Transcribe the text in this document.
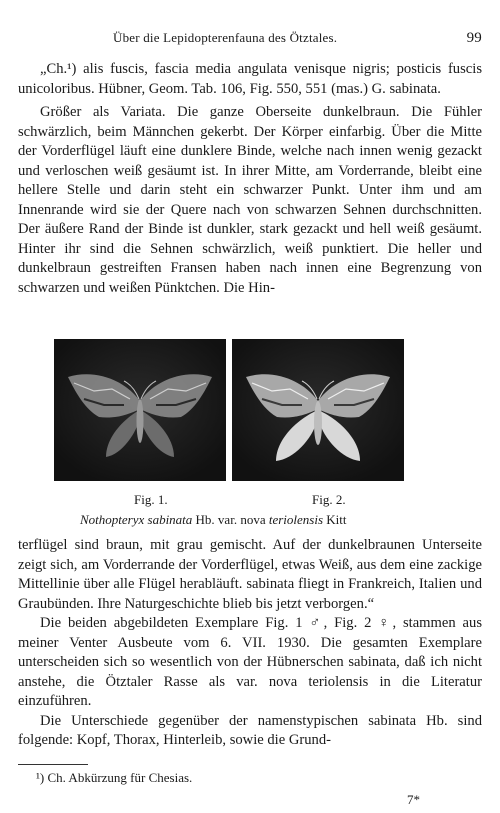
Über die Lepidopterenfauna des Ötztales.	99

„Ch.¹) alis fuscis, fascia media angulata venisque nigris; posticis fuscis unicoloribus. Hübner, Geom. Tab. 106, Fig. 550, 551 (mas.) G. sabinata.

Größer als Variata. Die ganze Oberseite dunkelbraun. Die Fühler schwärzlich, beim Männchen gekerbt. Der Körper einfarbig. Über die Mitte der Vorderflügel läuft eine dunklere Binde, welche nach innen wenig gezackt und verloschen weiß gesäumt ist. In ihrer Mitte, am Vorderrande, bleibt eine hellere Stelle und darin steht ein schwarzer Punkt. Unter ihm und am Innenrande wird sie der Quere nach von schwarzen Sehnen durchschnitten. Der äußere Rand der Binde ist dunkler, stark gezackt und hell weiß gesäumt. Hinter ihr sind die Sehnen schwärzlich, weiß punktiert. Die heller und dunkelbraun gestreiften Fransen haben nach innen eine Begrenzung von schwarzen und weißen Pünktchen. Die Hin-

Fig. 1.	Fig. 2.
Nothopteryx sabinata Hb. var. nova teriolensis Kitt

terflügel sind braun, mit grau gemischt. Auf der dunkelbraunen Unterseite zeigt sich, am Vorderrande der Vorderflügel, etwas Weiß, aus dem eine zackige Mittellinie über alle Flügel herabläuft. sabinata fliegt in Frankreich, Italien und Graubünden. Ihre Naturgeschichte blieb bis jetzt verborgen.“

Die beiden abgebildeten Exemplare Fig. 1 ♂, Fig. 2 ♀, stammen aus meiner Venter Ausbeute vom 6. VII. 1930. Die gesamten Exemplare unterscheiden sich so wesentlich von der Hübnerschen sabinata, daß ich nicht anstehe, die Ötztaler Rasse als var. nova teriolensis in die Literatur einzuführen.

Die Unterschiede gegenüber der namenstypischen sabinata Hb. sind folgende: Kopf, Thorax, Hinterleib, sowie die Grund-

¹) Ch. Abkürzung für Chesias.
7*
